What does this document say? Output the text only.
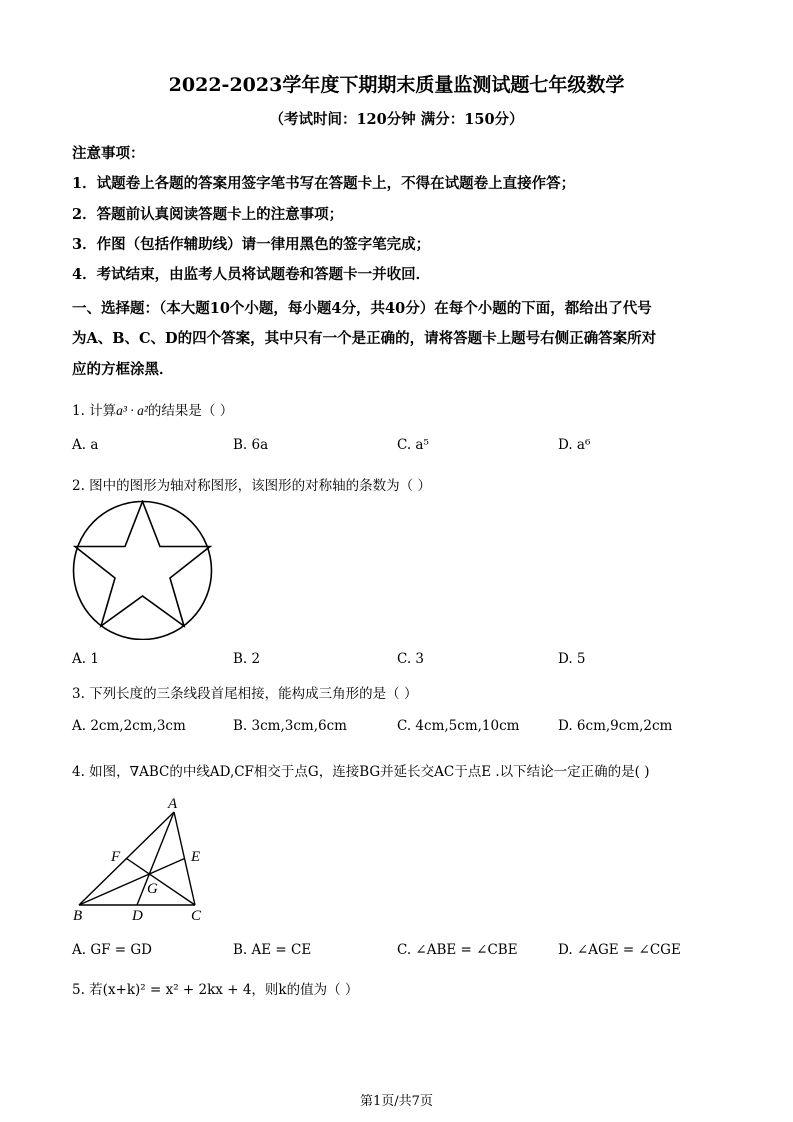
2022-2023学年度下期期末质量监测试题七年级数学
（考试时间：120分钟 满分：150分）
注意事项：
1．试题卷上各题的答案用签字笔书写在答题卡上，不得在试题卷上直接作答；
2．答题前认真阅读答题卡上的注意事项；
3．作图（包括作辅助线）请一律用黑色的签字笔完成；
4．考试结束，由监考人员将试题卷和答题卡一并收回．
一、选择题：（本大题10个小题，每小题4分，共40分）在每个小题的下面，都给出了代号
为A、B、C、D的四个答案，其中只有一个是正确的，请将答题卡上题号右侧正确答案所对
应的方框涂黑．
1. 计算a³ · a²的结果是（ ）
A. a	B. 6a	C. a⁵	D. a⁶
2. 图中的图形为轴对称图形，该图形的对称轴的条数为（ ）
A. 1	B. 2	C. 3	D. 5
3. 下列长度的三条线段首尾相接，能构成三角形的是（ ）
A. 2cm,2cm,3cm	B. 3cm,3cm,6cm	C. 4cm,5cm,10cm	D. 6cm,9cm,2cm
4. 如图，∇ABC的中线AD,CF相交于点G，连接BG并延长交AC于点E .以下结论一定正确的是( )
A
B	C
D
E
F
G
A. GF = GD	B. AE = CE	C. ∠ABE = ∠CBE	D. ∠AGE = ∠CGE
5. 若(x+k)² = x² + 2kx + 4，则k的值为（ ）
第1页/共7页
